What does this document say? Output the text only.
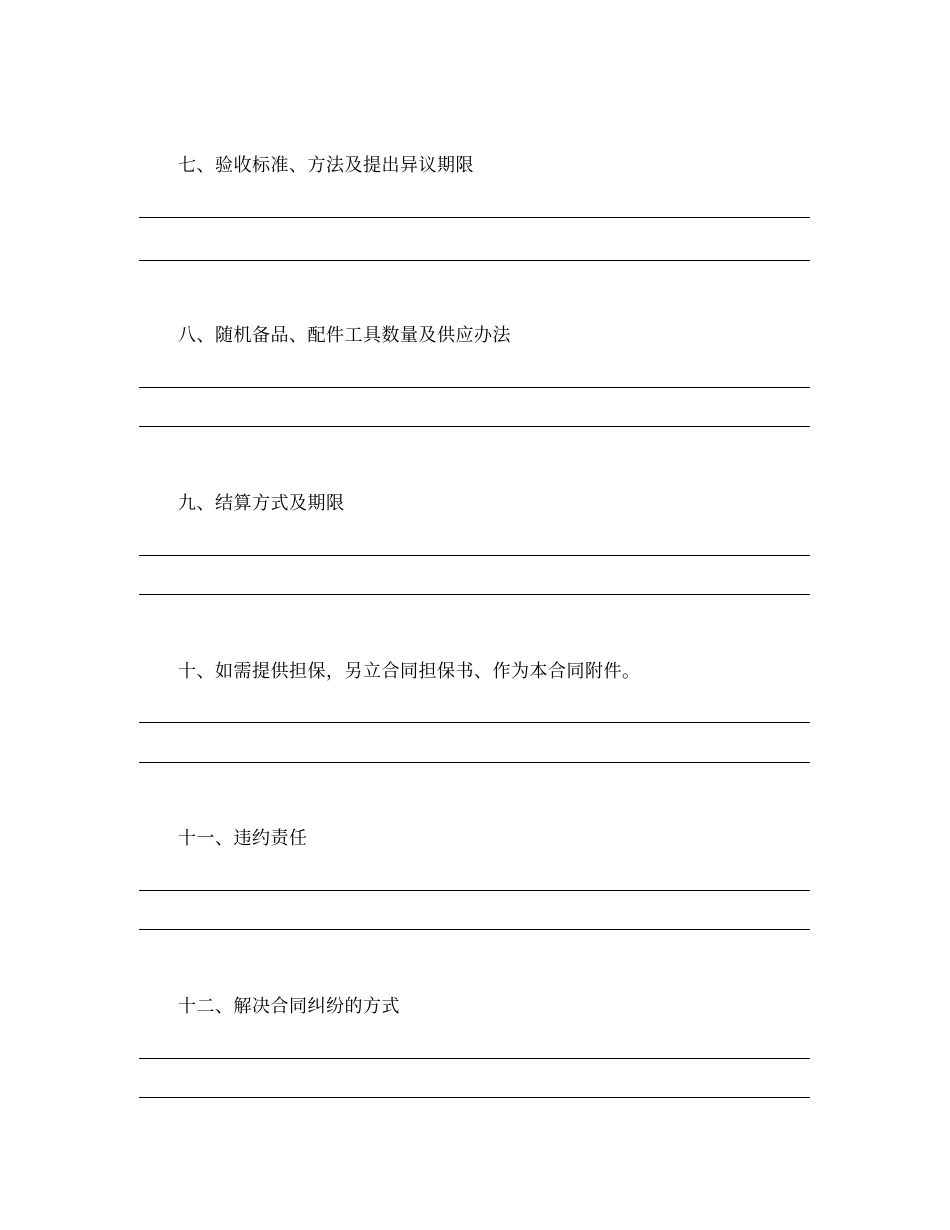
七、验收标准、方法及提出异议期限
八、随机备品、配件工具数量及供应办法
九、结算方式及期限
十、如需提供担保，另立合同担保书、作为本合同附件。
十一、违约责任
十二、解决合同纠纷的方式
